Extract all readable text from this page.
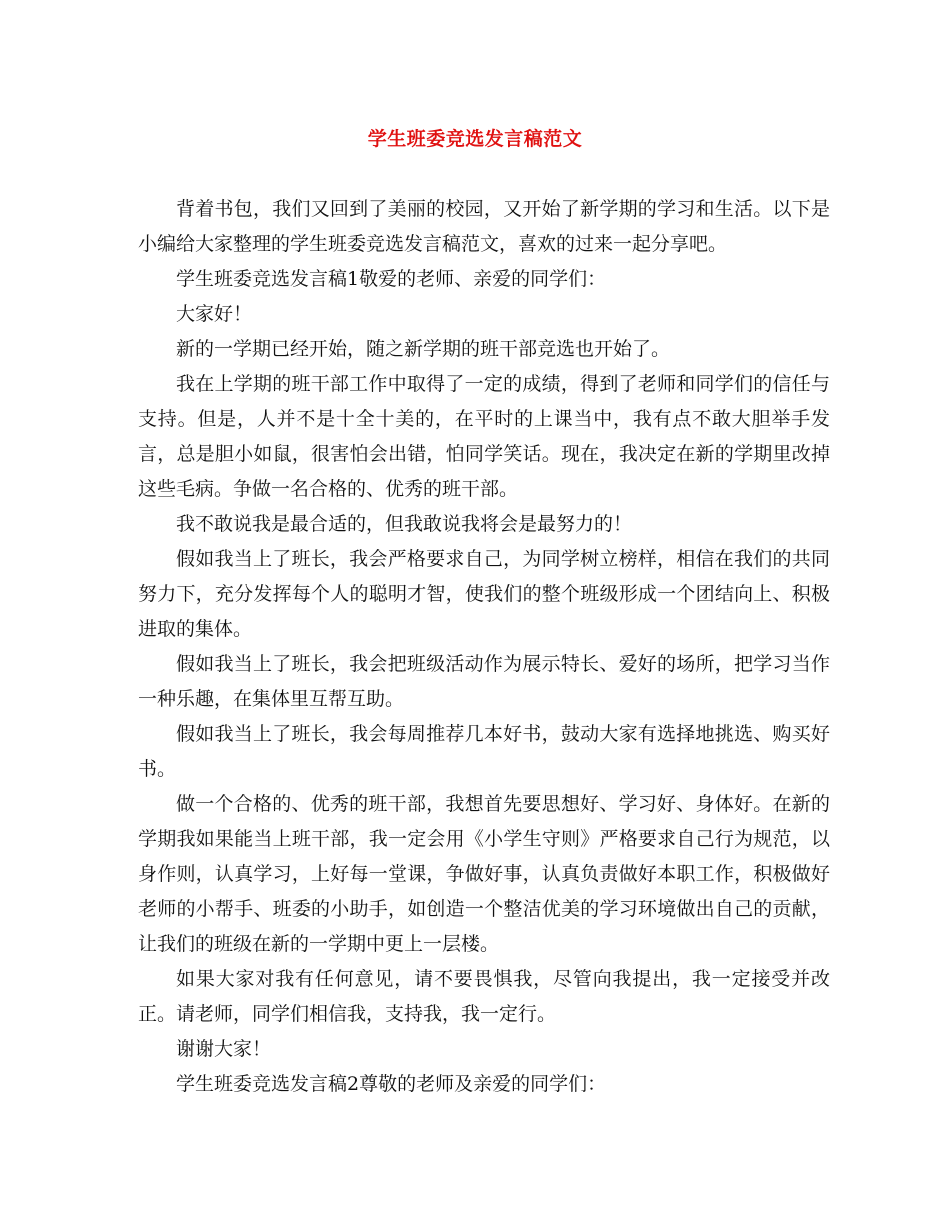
学生班委竞选发言稿范文

背着书包，我们又回到了美丽的校园，又开始了新学期的学习和生活。以下是小编给大家整理的学生班委竞选发言稿范文，喜欢的过来一起分享吧。

学生班委竞选发言稿1敬爱的老师、亲爱的同学们：

大家好！

新的一学期已经开始，随之新学期的班干部竞选也开始了。

我在上学期的班干部工作中取得了一定的成绩，得到了老师和同学们的信任与支持。但是，人并不是十全十美的，在平时的上课当中，我有点不敢大胆举手发言，总是胆小如鼠，很害怕会出错，怕同学笑话。现在，我决定在新的学期里改掉这些毛病。争做一名合格的、优秀的班干部。

我不敢说我是最合适的，但我敢说我将会是最努力的！

假如我当上了班长，我会严格要求自己，为同学树立榜样，相信在我们的共同努力下，充分发挥每个人的聪明才智，使我们的整个班级形成一个团结向上、积极进取的集体。

假如我当上了班长，我会把班级活动作为展示特长、爱好的场所，把学习当作一种乐趣，在集体里互帮互助。

假如我当上了班长，我会每周推荐几本好书，鼓动大家有选择地挑选、购买好书。

做一个合格的、优秀的班干部，我想首先要思想好、学习好、身体好。在新的学期我如果能当上班干部，我一定会用《小学生守则》严格要求自己行为规范，以身作则，认真学习，上好每一堂课，争做好事，认真负责做好本职工作，积极做好老师的小帮手、班委的小助手，如创造一个整洁优美的学习环境做出自己的贡献，让我们的班级在新的一学期中更上一层楼。

如果大家对我有任何意见，请不要畏惧我，尽管向我提出，我一定接受并改正。请老师，同学们相信我，支持我，我一定行。

谢谢大家！

学生班委竞选发言稿2尊敬的老师及亲爱的同学们：
